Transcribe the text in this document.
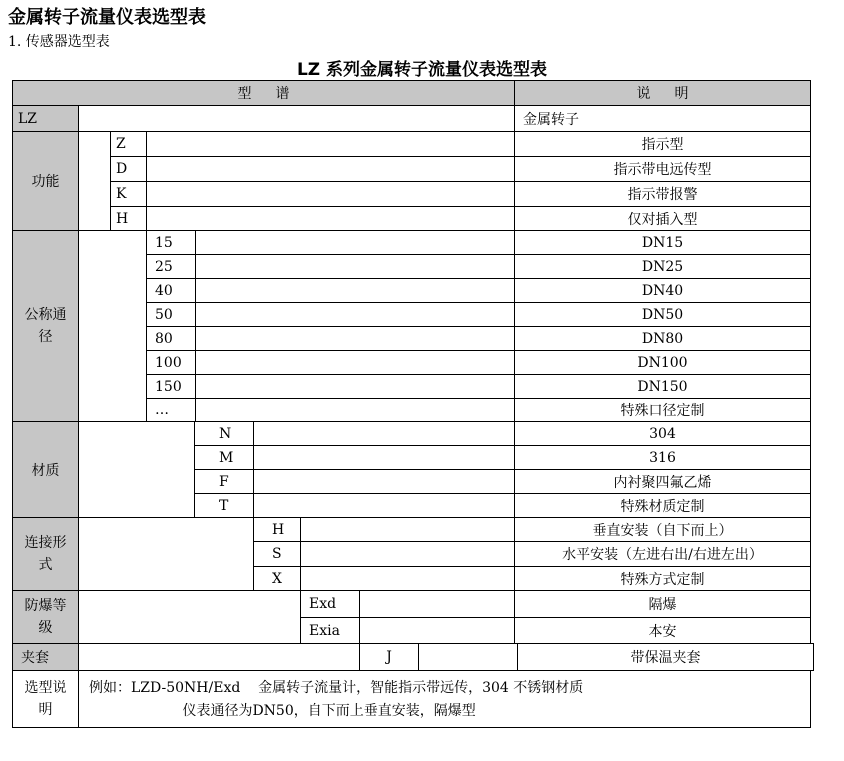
金属转子流量仪表选型表
1. 传感器选型表
LZ 系列金属转子流量仪表选型表
型谱	说明
LZ	金属转子
功能
Z	指示型
D	指示带电远传型
K	指示带报警
H	仅对插入型
公称通径
15	DN15
25	DN25
40	DN40
50	DN50
80	DN80
100	DN100
150	DN150
…	特殊口径定制
材质
N	304
M	316
F	内衬聚四氟乙烯
T	特殊材质定制
连接形式
H	垂直安装（自下而上）
S	水平安装（左进右出/右进左出）
X	特殊方式定制
防爆等级
Exd	隔爆
Exia	本安
夹套	J	带保温夹套
选型说明
例如：LZD-50NH/Exd    金属转子流量计，智能指示带远传，304 不锈钢材质
仪表通径为DN50，自下而上垂直安装，隔爆型
